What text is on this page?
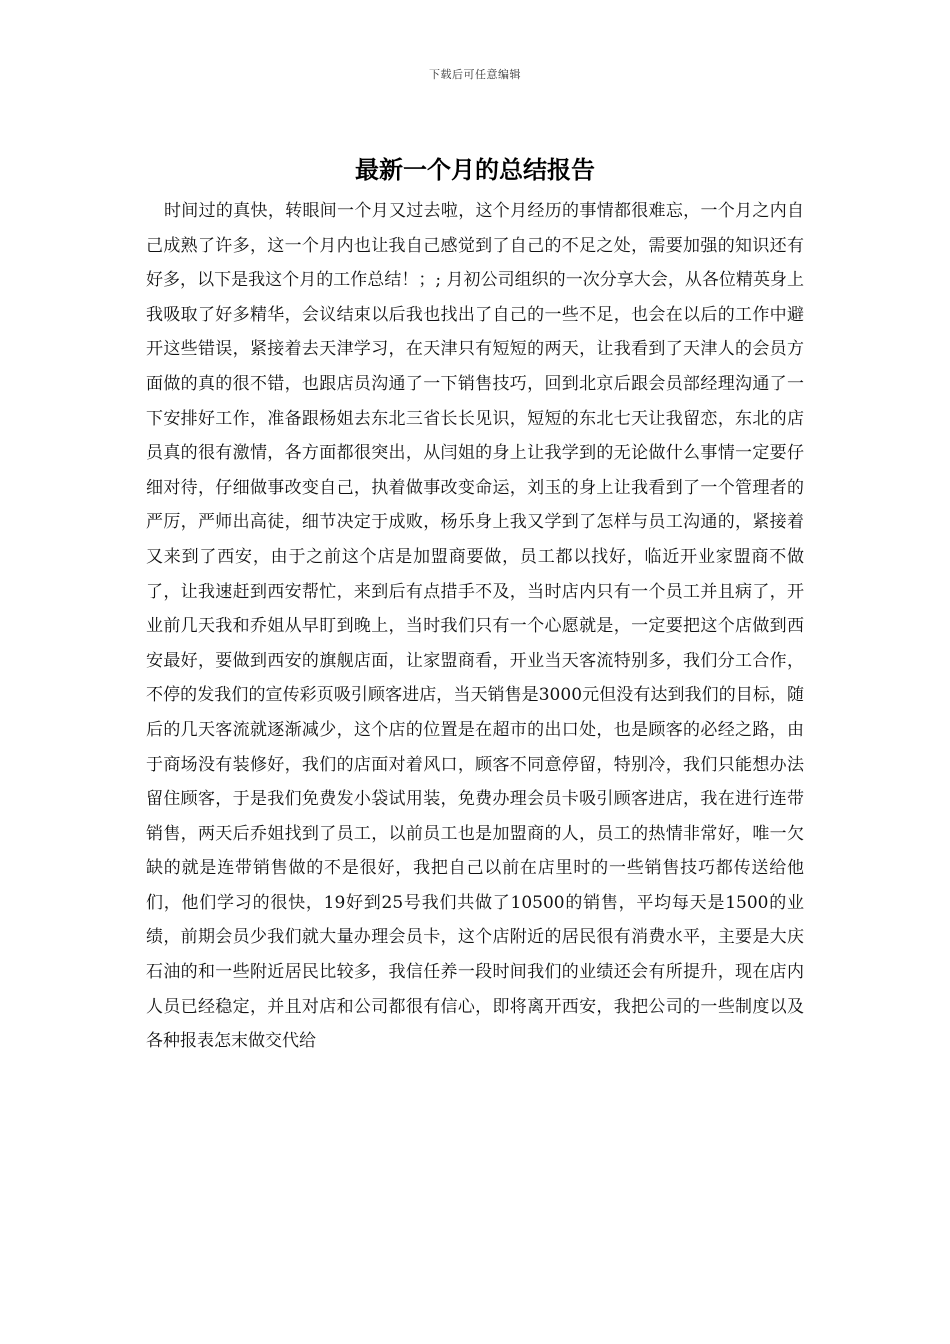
下载后可任意编辑
最新一个月的总结报告

时间过的真快，转眼间一个月又过去啦，这个月经历的事情都很难忘，一个月之内自己成熟了许多，这一个月内也让我自己感觉到了自己的不足之处，需要加强的知识还有好多，以下是我这个月的工作总结！；; 月初公司组织的一次分享大会，从各位精英身上我吸取了好多精华，会议结束以后我也找出了自己的一些不足，也会在以后的工作中避开这些错误，紧接着去天津学习，在天津只有短短的两天，让我看到了天津人的会员方面做的真的很不错，也跟店员沟通了一下销售技巧，回到北京后跟会员部经理沟通了一下安排好工作，准备跟杨姐去东北三省长长见识，短短的东北七天让我留恋，东北的店员真的很有激情，各方面都很突出，从闫姐的身上让我学到的无论做什么事情一定要仔细对待，仔细做事改变自己，执着做事改变命运，刘玉的身上让我看到了一个管理者的严厉，严师出高徒，细节决定于成败，杨乐身上我又学到了怎样与员工沟通的，紧接着又来到了西安，由于之前这个店是加盟商要做，员工都以找好，临近开业家盟商不做了，让我速赶到西安帮忙，来到后有点措手不及，当时店内只有一个员工并且病了，开业前几天我和乔姐从早盯到晚上，当时我们只有一个心愿就是，一定要把这个店做到西安最好，要做到西安的旗舰店面，让家盟商看，开业当天客流特别多，我们分工合作，不停的发我们的宣传彩页吸引顾客进店，当天销售是3000元但没有达到我们的目标，随后的几天客流就逐渐减少，这个店的位置是在超市的出口处，也是顾客的必经之路，由于商场没有装修好，我们的店面对着风口，顾客不同意停留，特别冷，我们只能想办法留住顾客，于是我们免费发小袋试用装，免费办理会员卡吸引顾客进店，我在进行连带销售，两天后乔姐找到了员工，以前员工也是加盟商的人，员工的热情非常好，唯一欠缺的就是连带销售做的不是很好，我把自己以前在店里时的一些销售技巧都传送给他们，他们学习的很快，19好到25号我们共做了10500的销售，平均每天是1500的业绩，前期会员少我们就大量办理会员卡，这个店附近的居民很有消费水平，主要是大庆石油的和一些附近居民比较多，我信任养一段时间我们的业绩还会有所提升，现在店内人员已经稳定，并且对店和公司都很有信心，即将离开西安，我把公司的一些制度以及各种报表怎末做交代给
